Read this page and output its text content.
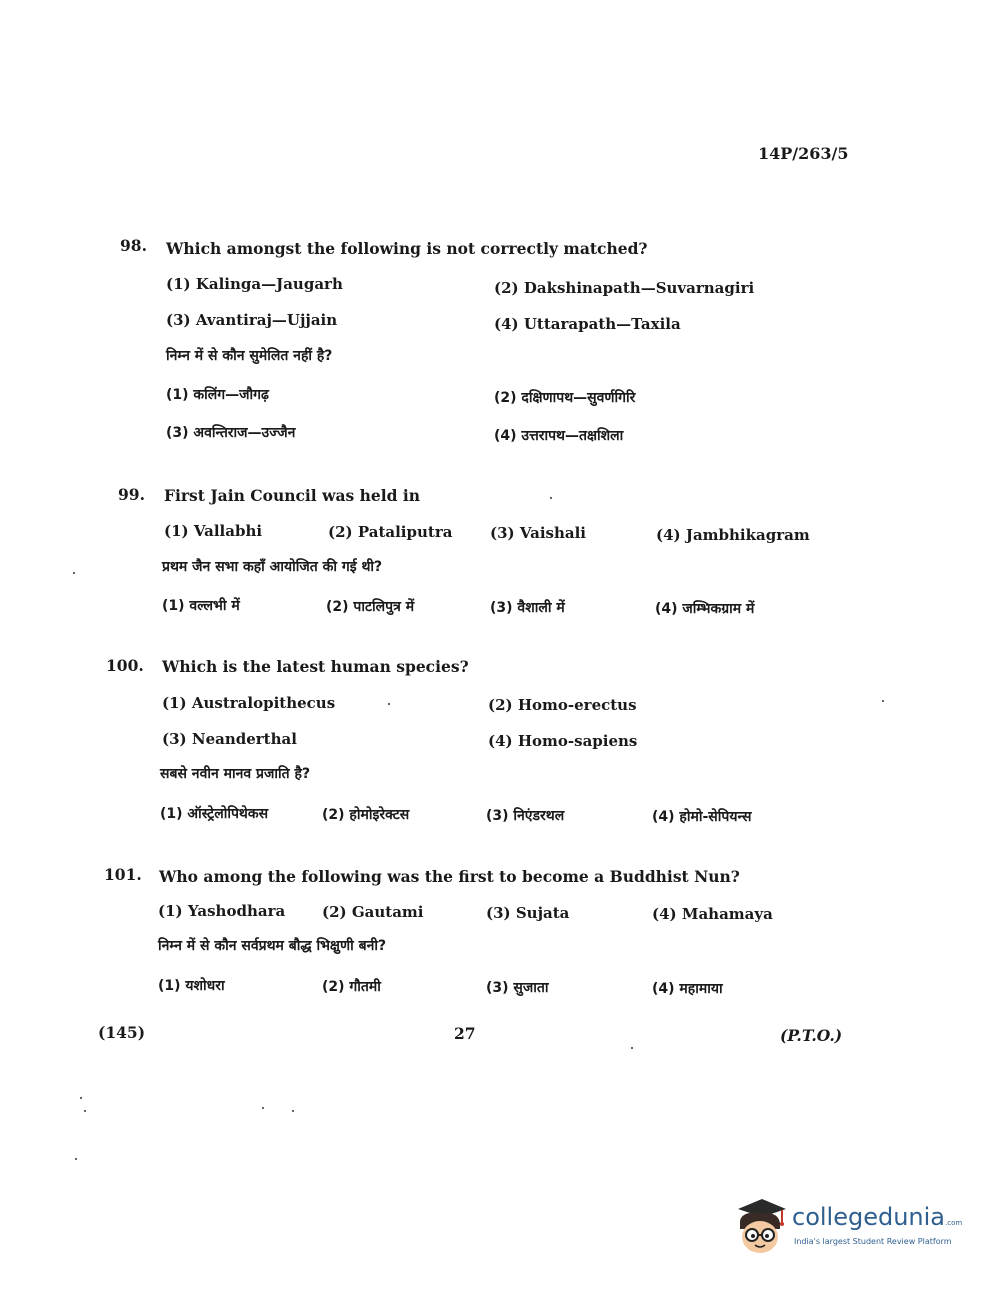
14P/263/5
98. Which amongst the following is not correctly matched?
(1) Kalinga—Jaugarh	(2) Dakshinapath—Suvarnagiri
(3) Avantiraj—Ujjain	(4) Uttarapath—Taxila
निम्न में से कौन सुमेलित नहीं है?
(1) कलिंग—जौगढ़	(2) दक्षिणापथ—सुवर्णगिरि
(3) अवन्तिराज—उज्जैन	(4) उत्तरापथ—तक्षशिला
99. First Jain Council was held in
(1) Vallabhi	(2) Pataliputra	(3) Vaishali	(4) Jambhikagram
प्रथम जैन सभा कहाँ आयोजित की गई थी?
(1) वल्लभी में	(2) पाटलिपुत्र में	(3) वैशाली में	(4) जम्भिकग्राम में
100. Which is the latest human species?
(1) Australopithecus	(2) Homo-erectus
(3) Neanderthal	(4) Homo-sapiens
सबसे नवीन मानव प्रजाति है?
(1) ऑस्ट्रेलोपिथेकस	(2) होमोइरेक्टस	(3) निएंडरथल	(4) होमो-सेपियन्स
101. Who among the following was the first to become a Buddhist Nun?
(1) Yashodhara (2) Gautami	(3) Sujata	(4) Mahamaya
निम्न में से कौन सर्वप्रथम बौद्ध भिक्षुणी बनी?
(1) यशोधरा	(2) गौतमी	(3) सुजाता	(4) महामाया
(145)	27	(P.T.O.)
collegedunia.com
India's largest Student Review Platform
